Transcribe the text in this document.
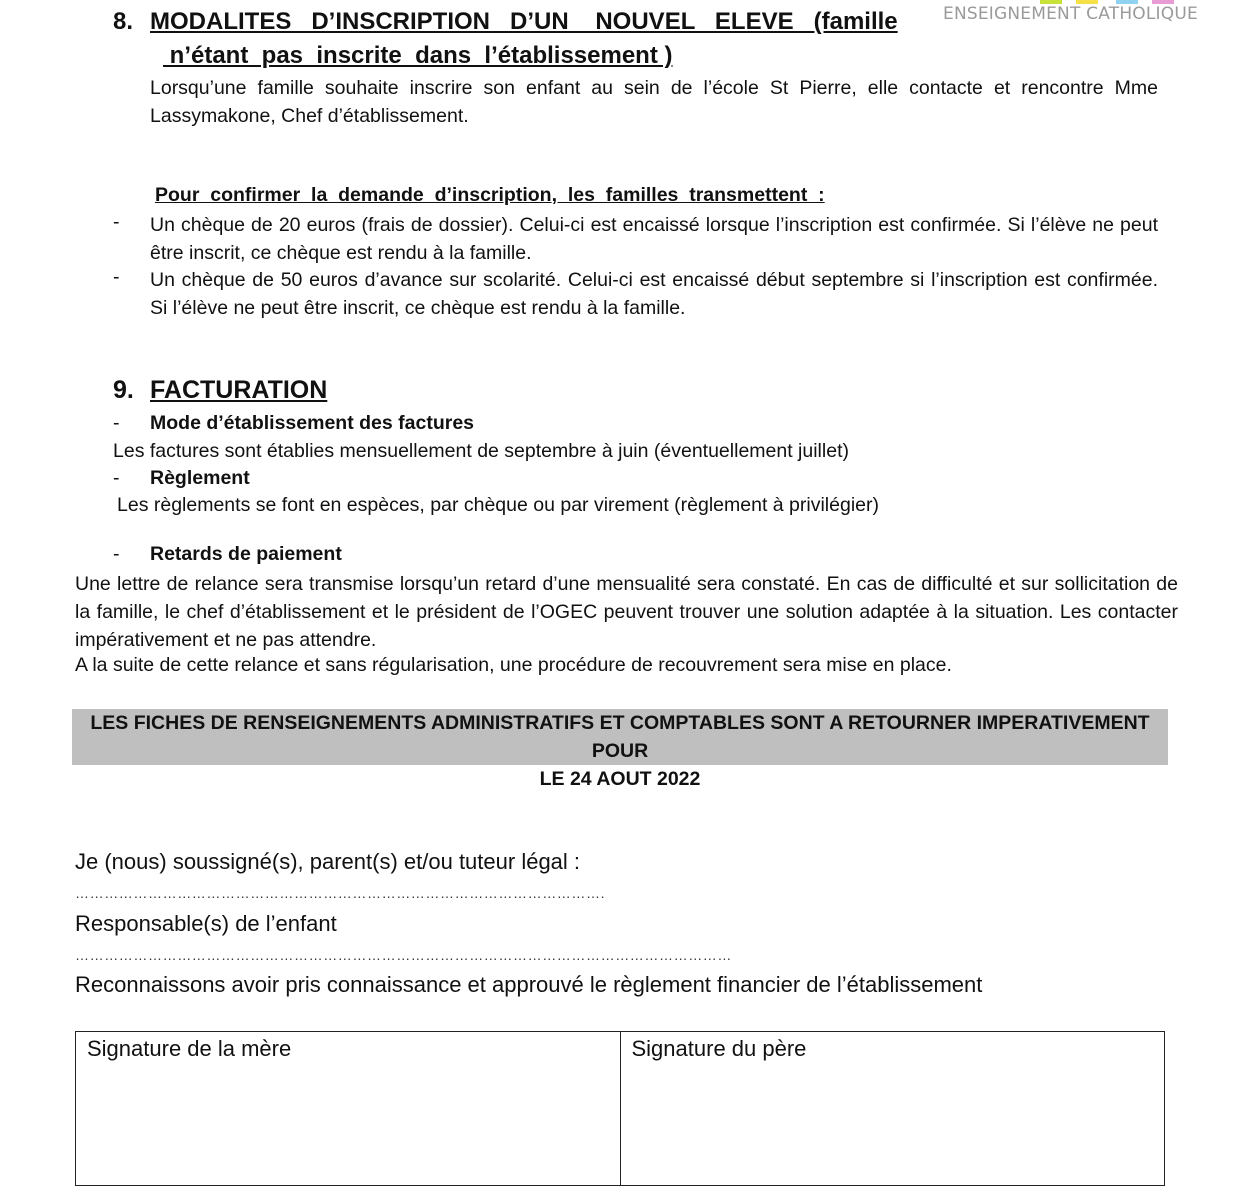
ENSEIGNEMENT CATHOLIQUE
8. MODALITES   D’INSCRIPTION   D’UN    NOUVEL   ELEVE   (famille
n’étant  pas  inscrite  dans  l’établissement )
Lorsqu’une famille souhaite inscrire son enfant au sein de l’école St Pierre, elle contacte et rencontre Mme Lassymakone, Chef d’établissement.
Pour  confirmer  la  demande  d’inscription,  les  familles  transmettent  :
- Un chèque de 20 euros (frais de dossier). Celui-ci est encaissé lorsque l’inscription est confirmée. Si l’élève ne peut être inscrit, ce chèque est rendu à la famille.
- Un chèque de 50 euros d’avance sur scolarité. Celui-ci est encaissé début septembre si l’inscription est confirmée. Si l’élève ne peut être inscrit, ce chèque est rendu à la famille.
9. FACTURATION
- Mode d’établissement des factures
Les factures sont établies mensuellement de septembre à juin (éventuellement juillet)
- Règlement
Les règlements se font en espèces, par chèque ou par virement (règlement à privilégier)
- Retards de paiement
Une lettre de relance sera transmise lorsqu’un retard d’une mensualité sera constaté. En cas de difficulté et sur sollicitation de la famille, le chef d’établissement et le président de l’OGEC peuvent trouver une solution adaptée à la situation. Les contacter impérativement et ne pas attendre.
A la suite de cette relance et sans régularisation, une procédure de recouvrement sera mise en place.
LES FICHES DE RENSEIGNEMENTS ADMINISTRATIFS ET COMPTABLES SONT A RETOURNER IMPERATIVEMENT POUR
LE 24 AOUT 2022
Je (nous) soussigné(s), parent(s) et/ou tuteur légal :
……………………………………………………………………………………………….
Responsable(s) de l’enfant
………………………………………………………………………………………………………………………
Reconnaissons avoir pris connaissance et approuvé le règlement financier de l’établissement
Signature de la mère	Signature du père
